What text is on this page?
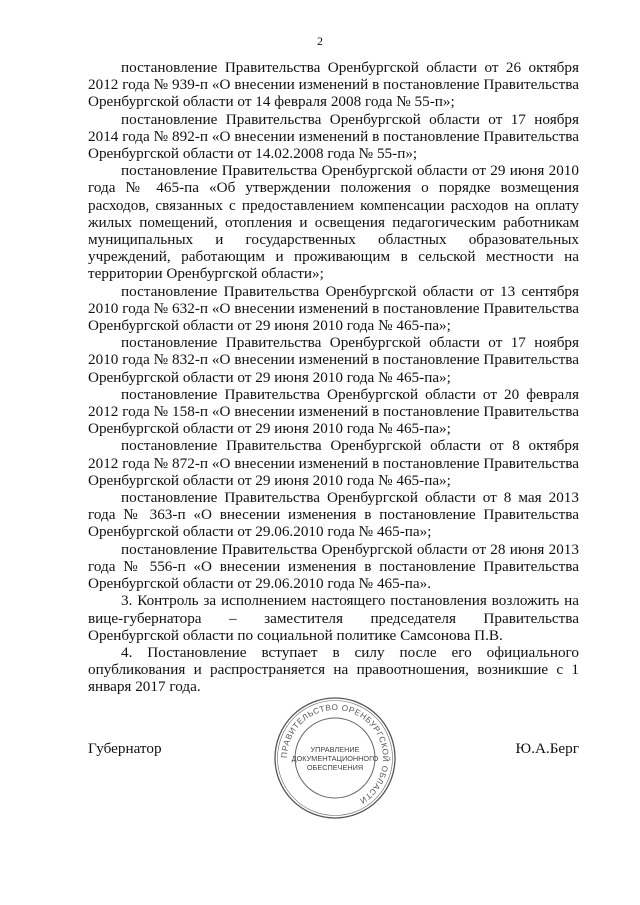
2

постановление Правительства Оренбургской области от 26 октября 2012 года № 939-п «О внесении изменений в постановление Правительства Оренбургской области от 14 февраля 2008 года № 55-п»;

постановление Правительства Оренбургской области от 17 ноября 2014 года № 892-п «О внесении изменений в постановление Правительства Оренбургской области от 14.02.2008 года № 55-п»;

постановление Правительства Оренбургской области от 29 июня 2010 года № 465-па «Об утверждении положения о порядке возмещения расходов, связанных с предоставлением компенсации расходов на оплату жилых помещений, отопления и освещения педагогическим работникам муниципальных и государственных областных образовательных учреждений, работающим и проживающим в сельской местности на территории Оренбургской области»;

постановление Правительства Оренбургской области от 13 сентября 2010 года № 632-п «О внесении изменений в постановление Правительства Оренбургской области от 29 июня 2010 года № 465-па»;

постановление Правительства Оренбургской области от 17 ноября 2010 года № 832-п «О внесении изменений в постановление Правительства Оренбургской области от 29 июня 2010 года № 465-па»;

постановление Правительства Оренбургской области от 20 февраля 2012 года № 158-п «О внесении изменений в постановление Правительства Оренбургской области от 29 июня 2010 года № 465-па»;

постановление Правительства Оренбургской области от 8 октября 2012 года № 872-п «О внесении изменений в постановление Правительства Оренбургской области от 29 июня 2010 года № 465-па»;

постановление Правительства Оренбургской области от 8 мая 2013 года № 363-п «О внесении изменения в постановление Правительства Оренбургской области от 29.06.2010 года № 465-па»;

постановление Правительства Оренбургской области от 28 июня 2013 года № 556-п «О внесении изменения в постановление Правительства Оренбургской области от 29.06.2010 года № 465-па».

3. Контроль за исполнением настоящего постановления возложить на вице-губернатора – заместителя председателя Правительства Оренбургской области по социальной политике Самсонова П.В.

4. Постановление вступает в силу после его официального опубликования и распространяется на правоотношения, возникшие с 1 января 2017 года.

ПРАВИТЕЛЬСТВО ОРЕНБУРГСКОЙ ОБЛАСТИ
УПРАВЛЕНИЕ
ДОКУМЕНТАЦИОННОГО
ОБЕСПЕЧЕНИЯ
Губернатор	Ю.А.Берг
